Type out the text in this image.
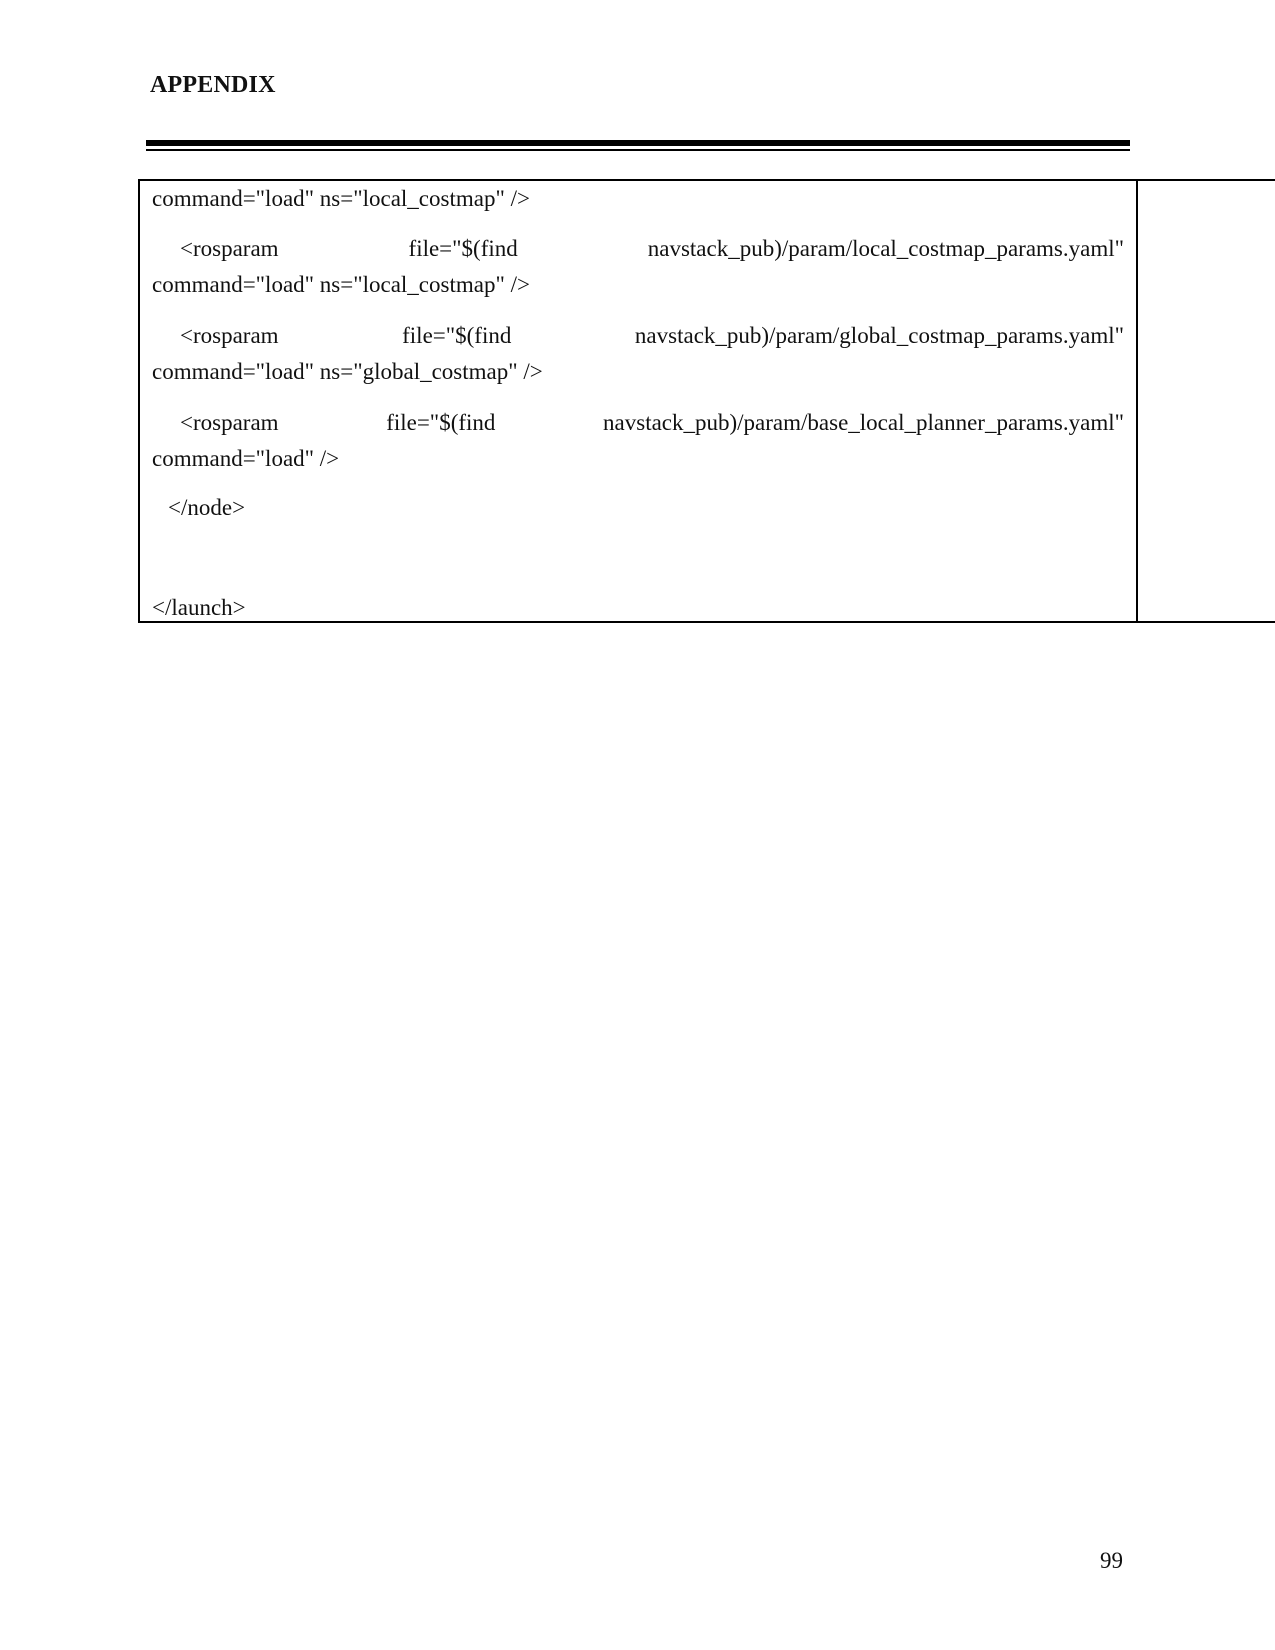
APPENDIX
command="load" ns="local_costmap" />
<rosparam file="$(find navstack_pub)/param/local_costmap_params.yaml"
command="load" ns="local_costmap" />
<rosparam file="$(find navstack_pub)/param/global_costmap_params.yaml"
command="load" ns="global_costmap" />
<rosparam file="$(find navstack_pub)/param/base_local_planner_params.yaml"
command="load" />
</node>
</launch>
99
